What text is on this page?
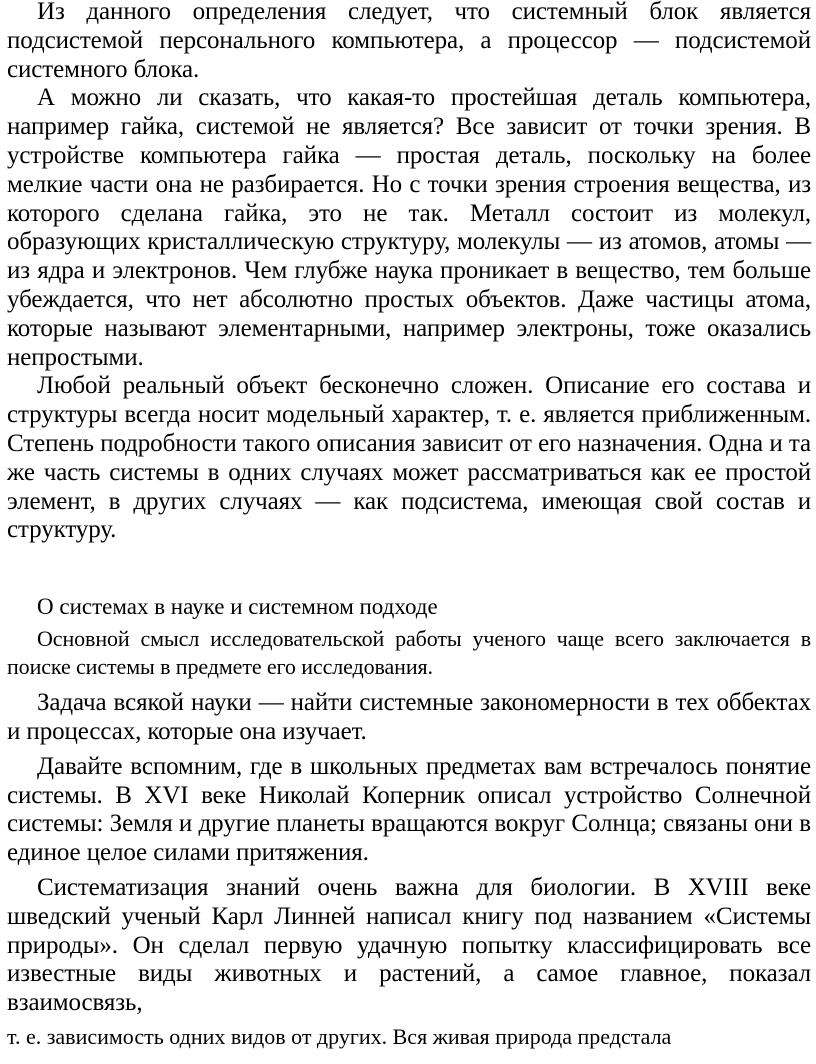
Из данного определения следует, что системный блок является подсистемой персонального компьютера, а процессор — подсистемой системного блока.

А можно ли сказать, что какая-то простейшая деталь компьютера, например гайка, системой не является? Все зависит от точки зрения. В устройстве компьютера гайка — простая деталь, поскольку на более мелкие части она не разбирается. Но с точки зрения строения вещества, из которого сделана гайка, это не так. Металл состоит из молекул, образующих кристаллическую структуру, молекулы — из атомов, атомы — из ядра и электронов. Чем глубже наука проникает в вещество, тем больше убеждается, что нет абсолютно простых объектов. Даже частицы атома, которые называют элементарными, например электроны, тоже оказались непростыми.

Любой реальный объект бесконечно сложен. Описание его состава и структуры всегда носит модельный характер, т. е. является приближенным. Степень подробности такого описания зависит от его назначения. Одна и та же часть системы в одних случаях может рассматриваться как ее простой элемент, в других случаях — как подсистема, имеющая свой состав и структуру.

О системах в науке и системном подходе

Основной смысл исследовательской работы ученого чаще всего заключается в поиске системы в предмете его исследования.

Задача всякой науки — найти системные закономерности в тех оббектах и процессах, которые она изучает.

Давайте вспомним, где в школьных предметах вам встречалось понятие системы. В XVI веке Николай Коперник описал устройство Солнечной системы: Земля и другие планеты вращаются вокруг Солнца; связаны они в единое целое силами притяжения.

Систематизация знаний очень важна для биологии. В XVIII веке шведский ученый Карл Линней написал книгу под названием «Системы природы». Он сделал первую удачную попытку классифицировать все известные виды животных и растений, а самое главное, показал взаимосвязь,

т. е. зависимость одних видов от других. Вся живая природа предстала
